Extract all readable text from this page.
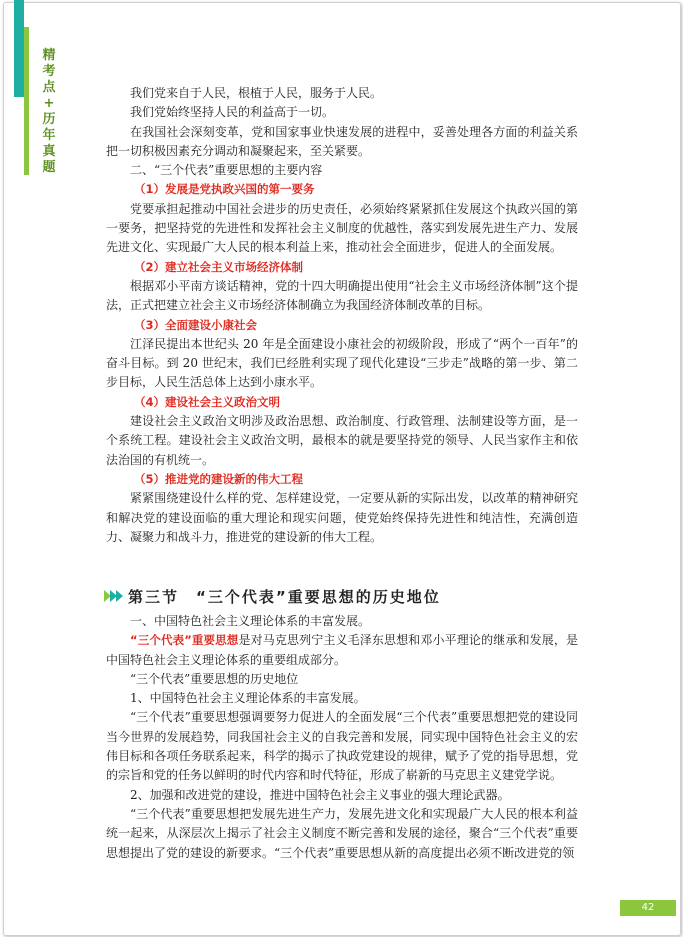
精
考
点
+
历
年
真
题

我们党来自于人民，根植于人民，服务于人民。

我们党始终坚持人民的利益高于一切。

在我国社会深刻变革，党和国家事业快速发展的进程中，妥善处理各方面的利益关系把一切积极因素充分调动和凝聚起来，至关紧要。

二、“三个代表”重要思想的主要内容

（1）发展是党执政兴国的第一要务

党要承担起推动中国社会进步的历史责任，必须始终紧紧抓住发展这个执政兴国的第一要务，把坚持党的先进性和发挥社会主义制度的优越性，落实到发展先进生产力、发展先进文化、实现最广大人民的根本利益上来，推动社会全面进步，促进人的全面发展。

（2）建立社会主义市场经济体制

根据邓小平南方谈话精神，党的十四大明确提出使用“社会主义市场经济体制”这个提法，正式把建立社会主义市场经济体制确立为我国经济体制改革的目标。

（3）全面建设小康社会

江泽民提出本世纪头 20 年是全面建设小康社会的初级阶段，形成了“两个一百年”的奋斗目标。到 20 世纪末，我们已经胜利实现了现代化建设“三步走”战略的第一步、第二步目标，人民生活总体上达到小康水平。

（4）建设社会主义政治文明

建设社会主义政治文明涉及政治思想、政治制度、行政管理、法制建设等方面，是一个系统工程。建设社会主义政治文明，最根本的就是要坚持党的领导、人民当家作主和依法治国的有机统一。

（5）推进党的建设新的伟大工程

紧紧围绕建设什么样的党、怎样建设党，一定要从新的实际出发，以改革的精神研究和解决党的建设面临的重大理论和现实问题，使党始终保持先进性和纯洁性，充满创造力、凝聚力和战斗力，推进党的建设新的伟大工程。

第三节　“三个代表”重要思想的历史地位

一、中国特色社会主义理论体系的丰富发展。

“三个代表”重要思想是对马克思列宁主义毛泽东思想和邓小平理论的继承和发展，是中国特色社会主义理论体系的重要组成部分。

“三个代表”重要思想的历史地位

1、中国特色社会主义理论体系的丰富发展。

“三个代表”重要思想强调要努力促进人的全面发展“三个代表”重要思想把党的建设同当今世界的发展趋势，同我国社会主义的自我完善和发展，同实现中国特色社会主义的宏伟目标和各项任务联系起来，科学的揭示了执政党建设的规律，赋予了党的指导思想，党的宗旨和党的任务以鲜明的时代内容和时代特征，形成了崭新的马克思主义建党学说。

2、加强和改进党的建设，推进中国特色社会主义事业的强大理论武器。

“三个代表”重要思想把发展先进生产力，发展先进文化和实现最广大人民的根本利益统一起来，从深层次上揭示了社会主义制度不断完善和发展的途径，聚合“三个代表”重要思想提出了党的建设的新要求。“三个代表”重要思想从新的高度提出必须不断改进党的领

42
